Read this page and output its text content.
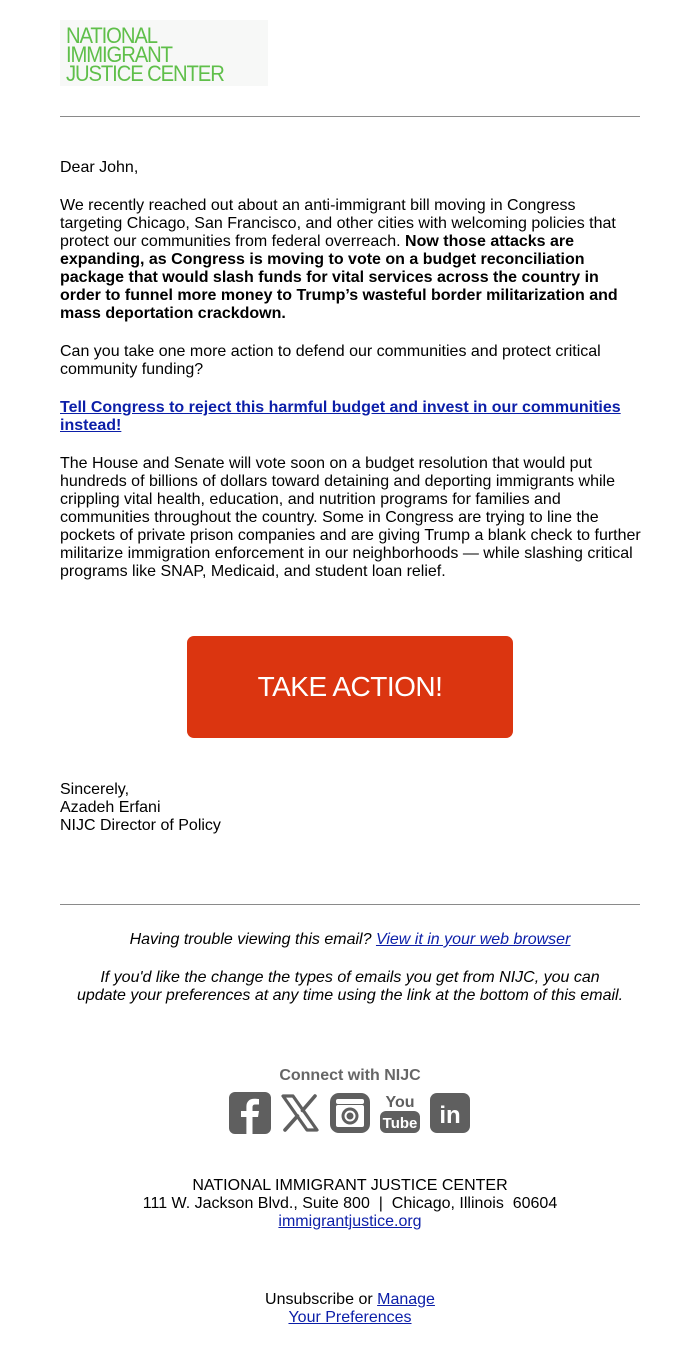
NATIONAL
IMMIGRANT
JUSTICE CENTER
Dear John,
We recently reached out about an anti-immigrant bill moving in Congress targeting Chicago, San Francisco, and other cities with welcoming policies that protect our communities from federal overreach. Now those attacks are expanding, as Congress is moving to vote on a budget reconciliation package that would slash funds for vital services across the country in order to funnel more money to Trump’s wasteful border militarization and mass deportation crackdown.
Can you take one more action to defend our communities and protect critical community funding?
Tell Congress to reject this harmful budget and invest in our communities instead!
The House and Senate will vote soon on a budget resolution that would put hundreds of billions of dollars toward detaining and deporting immigrants while crippling vital health, education, and nutrition programs for families and communities throughout the country. Some in Congress are trying to line the pockets of private prison companies and are giving Trump a blank check to further militarize immigration enforcement in our neighborhoods — while slashing critical programs like SNAP, Medicaid, and student loan relief.
TAKE ACTION!
Sincerely,
Azadeh Erfani
NIJC Director of Policy
Having trouble viewing this email? View it in your web browser
If you'd like the change the types of emails you get from NIJC, you can
update your preferences at any time using the link at the bottom of this email.
Connect with NIJC
You
Tube in
NATIONAL IMMIGRANT JUSTICE CENTER
111 W. Jackson Blvd., Suite 800  |  Chicago, Illinois  60604
immigrantjustice.org
Unsubscribe or Manage
Your Preferences
